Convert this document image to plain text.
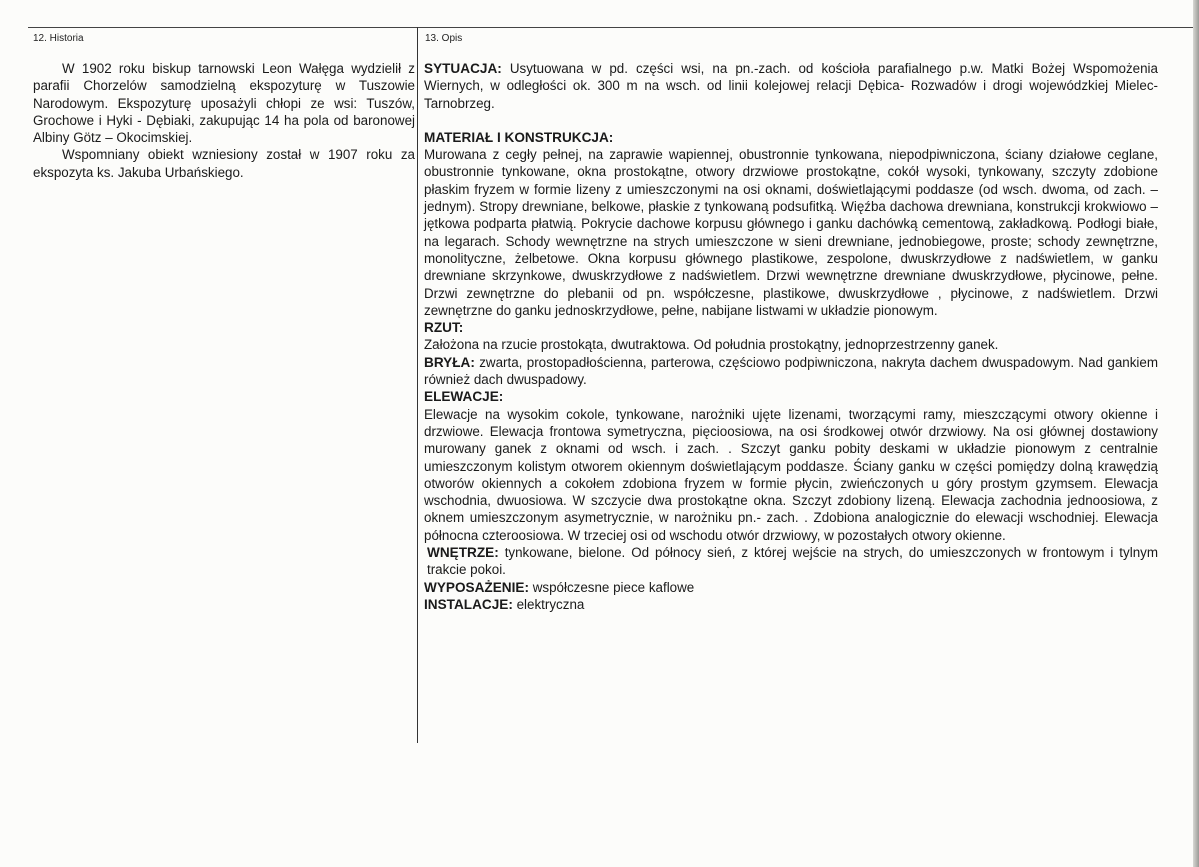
12. Historia	13. Opis

W 1902 roku biskup tarnowski Leon Wałęga wydzielił z parafii Chorzelów samodzielną ekspozyturę w Tuszowie Narodowym. Ekspozyturę uposażyli chłopi ze wsi: Tuszów, Grochowe i Hyki - Dębiaki, zakupując 14 ha pola od baronowej Albiny Götz – Okocimskiej.

Wspomniany obiekt wzniesiony został w 1907 roku za ekspozyta ks. Jakuba Urbańskiego.

SYTUACJA: Usytuowana w pd. części wsi, na pn.-zach. od kościoła parafialnego p.w. Matki Bożej Wspomożenia Wiernych, w odległości ok. 300 m na wsch. od linii kolejowej relacji Dębica- Rozwadów i drogi wojewódzkiej Mielec- Tarnobrzeg.

MATERIAŁ I KONSTRUKCJA:
Murowana z cegły pełnej, na zaprawie wapiennej, obustronnie tynkowana, niepodpiwniczona, ściany działowe ceglane, obustronnie tynkowane, okna prostokątne, otwory drzwiowe prostokątne, cokół wysoki, tynkowany, szczyty zdobione płaskim fryzem w formie lizeny z umieszczonymi na osi oknami, doświetlającymi poddasze (od wsch. dwoma, od zach. – jednym). Stropy drewniane, belkowe, płaskie z tynkowaną podsufitką. Więźba dachowa drewniana, konstrukcji krokwiowo – jętkowa podparta płatwią. Pokrycie dachowe korpusu głównego i ganku dachówką cementową, zakładkową. Podłogi białe, na legarach. Schody wewnętrzne na strych umieszczone w sieni drewniane, jednobiegowe, proste; schody zewnętrzne, monolityczne, żelbetowe. Okna korpusu głównego plastikowe, zespolone, dwuskrzydłowe z nadświetlem, w ganku drewniane skrzynkowe, dwuskrzydłowe z nadświetlem. Drzwi wewnętrzne drewniane dwuskrzydłowe, płycinowe, pełne. Drzwi zewnętrzne do plebanii od pn. współczesne, plastikowe, dwuskrzydłowe , płycinowe, z nadświetlem. Drzwi zewnętrzne do ganku jednoskrzydłowe, pełne, nabijane listwami w układzie pionowym.

RZUT:
Założona na rzucie prostokąta, dwutraktowa. Od południa prostokątny, jednoprzestrzenny ganek.

BRYŁA: zwarta, prostopadłościenna, parterowa, częściowo podpiwniczona, nakryta dachem dwuspadowym. Nad gankiem również dach dwuspadowy.

ELEWACJE:
Elewacje na wysokim cokole, tynkowane, narożniki ujęte lizenami, tworzącymi ramy, mieszczącymi otwory okienne i drzwiowe. Elewacja frontowa symetryczna, pięcioosiowa, na osi środkowej otwór drzwiowy. Na osi głównej dostawiony murowany ganek z oknami od wsch. i zach. . Szczyt ganku pobity deskami w układzie pionowym z centralnie umieszczonym kolistym otworem okiennym doświetlającym poddasze. Ściany ganku w części pomiędzy dolną krawędzią otworów okiennych a cokołem zdobiona fryzem w formie płycin, zwieńczonych u góry prostym gzymsem. Elewacja wschodnia, dwuosiowa. W szczycie dwa prostokątne okna. Szczyt zdobiony lizeną. Elewacja zachodnia jednoosiowa, z oknem umieszczonym asymetrycznie, w narożniku pn.- zach. . Zdobiona analogicznie do elewacji wschodniej. Elewacja północna czteroosiowa. W trzeciej osi od wschodu otwór drzwiowy, w pozostałych otwory okienne.

WNĘTRZE: tynkowane, bielone. Od północy sień, z której wejście na strych, do umieszczonych w frontowym i tylnym trakcie pokoi.

WYPOSAŻENIE: współczesne piece kaflowe

INSTALACJE: elektryczna
